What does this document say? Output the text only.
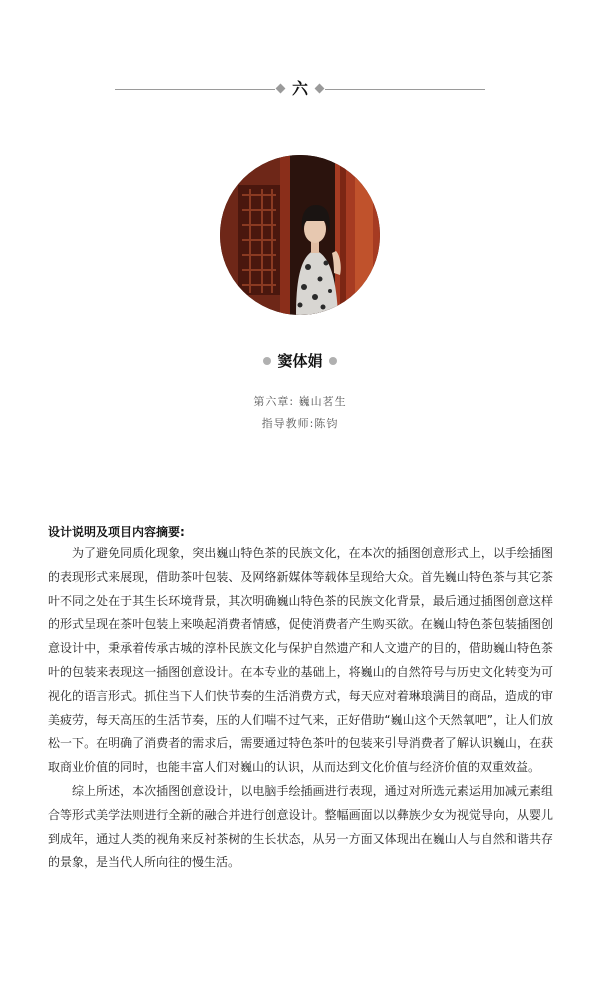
六
窦体娟
第六章: 巍山茗生
指导教师:陈钧
设计说明及项目内容摘要:

为了避免同质化现象，突出巍山特色茶的民族文化，在本次的插图创意形式上，以手绘插图的表现形式来展现，借助茶叶包装、及网络新媒体等载体呈现给大众。首先巍山特色茶与其它茶叶不同之处在于其生长环境背景，其次明确巍山特色茶的民族文化背景，最后通过插图创意这样的形式呈现在茶叶包装上来唤起消费者情感，促使消费者产生购买欲。在巍山特色茶包装插图创意设计中，秉承着传承古城的淳朴民族文化与保护自然遗产和人文遗产的目的，借助巍山特色茶叶的包装来表现这一插图创意设计。在本专业的基础上，将巍山的自然符号与历史文化转变为可视化的语言形式。抓住当下人们快节奏的生活消费方式，每天应对着琳琅满目的商品，造成的审美疲劳，每天高压的生活节奏，压的人们喘不过气来，正好借助“巍山这个天然氧吧”，让人们放松一下。在明确了消费者的需求后，需要通过特色茶叶的包装来引导消费者了解认识巍山，在获取商业价值的同时，也能丰富人们对巍山的认识，从而达到文化价值与经济价值的双重效益。

综上所述，本次插图创意设计，以电脑手绘插画进行表现，通过对所选元素运用加减元素组合等形式美学法则进行全新的融合并进行创意设计。整幅画面以以彝族少女为视觉导向，从婴儿到成年，通过人类的视角来反衬茶树的生长状态，从另一方面又体现出在巍山人与自然和谐共存的景象，是当代人所向往的慢生活。
